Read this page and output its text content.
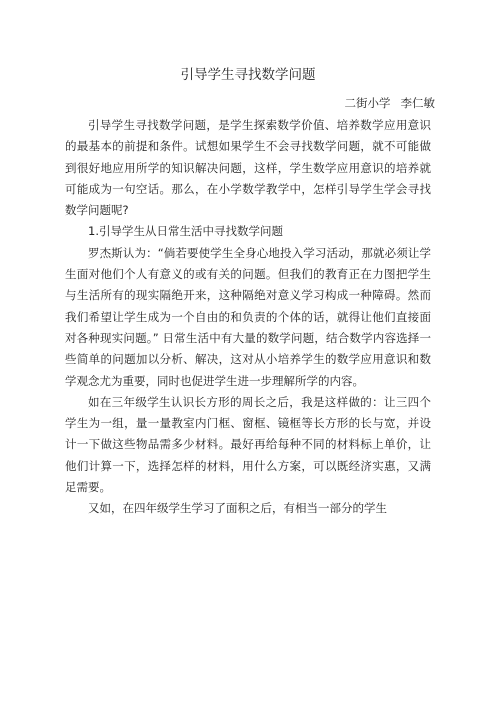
引导学生寻找数学问题
二街小学 李仁敏

引导学生寻找数学问题，是学生探索数学价值、培养数学应用意识的最基本的前提和条件。试想如果学生不会寻找数学问题，就不可能做到很好地应用所学的知识解决问题，这样，学生数学应用意识的培养就可能成为一句空话。那么，在小学数学教学中，怎样引导学生学会寻找数学问题呢?

1.引导学生从日常生活中寻找数学问题

罗杰斯认为：“倘若要使学生全身心地投入学习活动，那就必须让学生面对他们个人有意义的或有关的问题。但我们的教育正在力图把学生与生活所有的现实隔绝开来，这种隔绝对意义学习构成一种障碍。然而我们希望让学生成为一个自由的和负责的个体的话，就得让他们直接面对各种现实问题。” 日常生活中有大量的数学问题，结合数学内容选择一些简单的问题加以分析、解决，这对从小培养学生的数学应用意识和数学观念尤为重要，同时也促进学生进一步理解所学的内容。

如在三年级学生认识长方形的周长之后，我是这样做的：让三四个学生为一组，量一量教室内门框、窗框、镜框等长方形的长与宽，并设计一下做这些物品需多少材料。最好再给每种不同的材料标上单价，让他们计算一下，选择怎样的材料，用什么方案，可以既经济实惠，又满足需要。

又如，在四年级学生学习了面积之后，有相当一部分的学生
